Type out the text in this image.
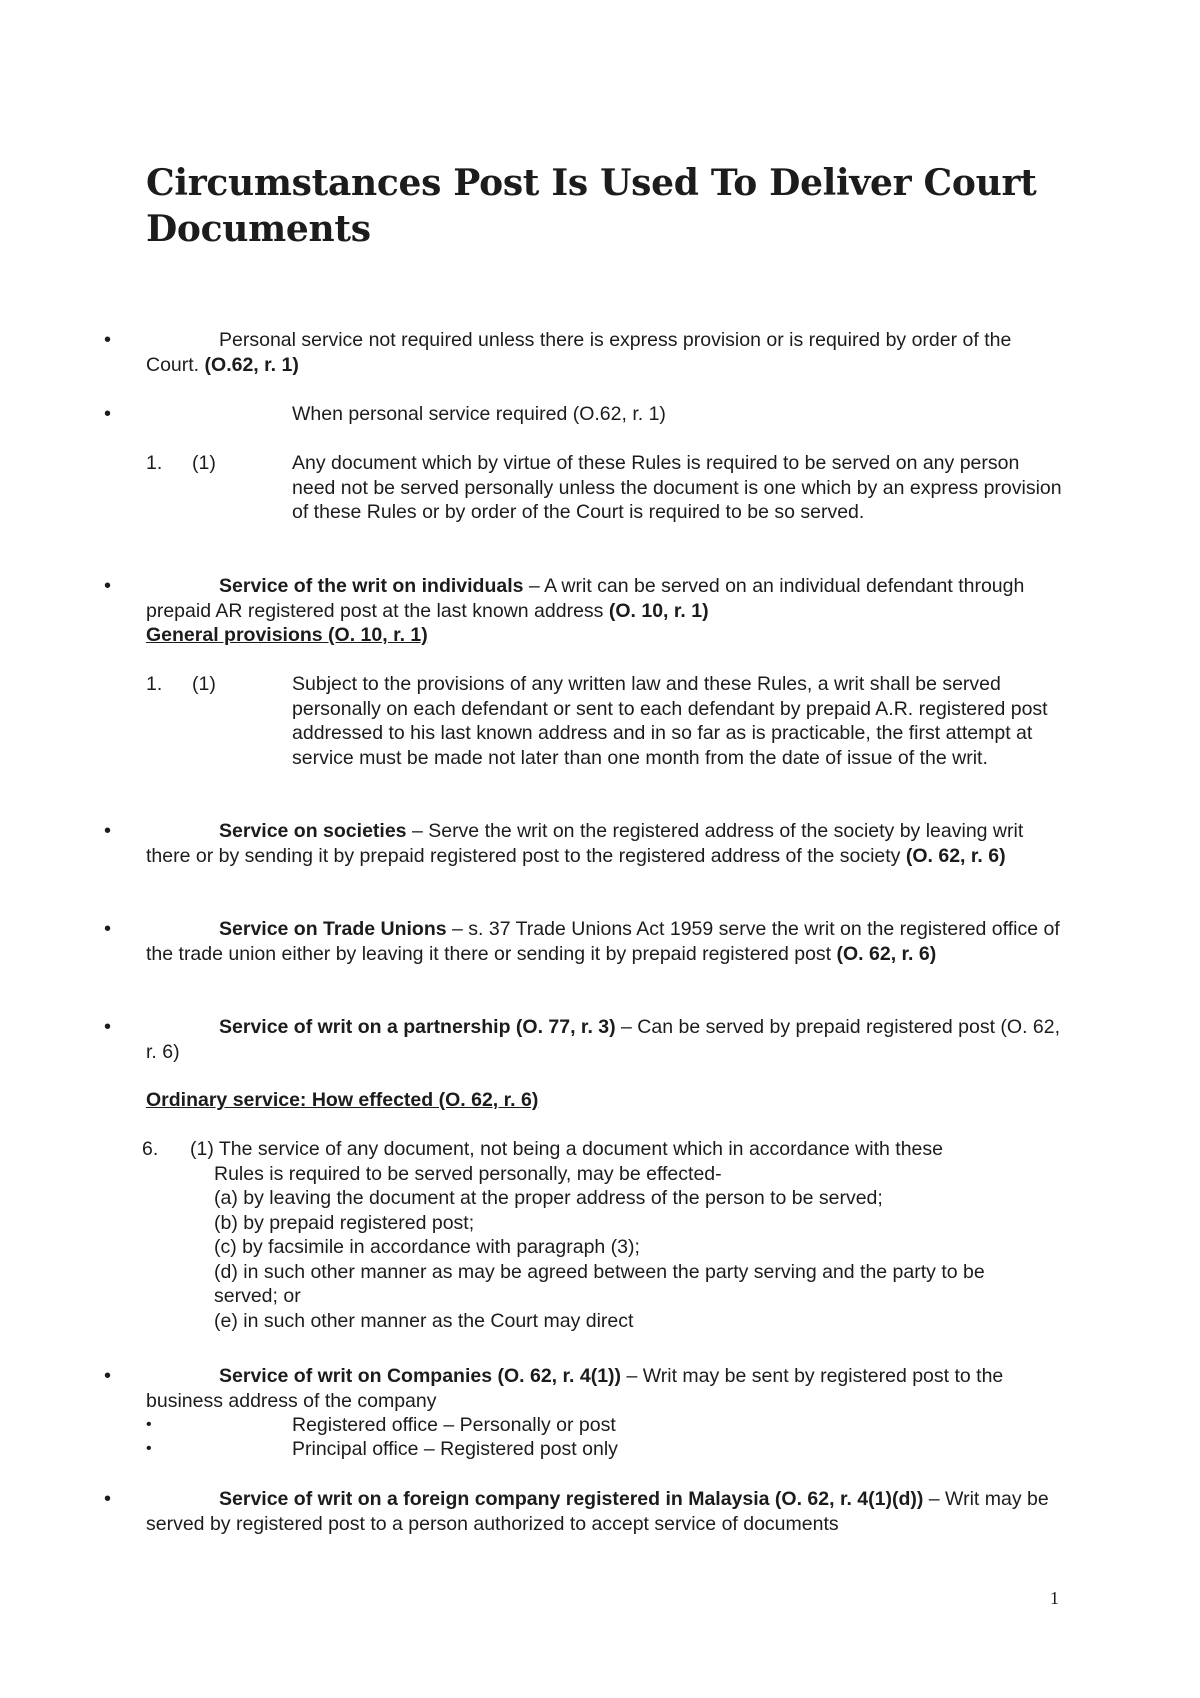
Circumstances Post Is Used To Deliver Court Documents
•	Personal service not required unless there is express provision or is required by order of the Court. (O.62, r. 1)
•	When personal service required (O.62, r. 1)
1. (1)	Any document which by virtue of these Rules is required to be served on any person need not be served personally unless the document is one which by an express provision of these Rules or by order of the Court is required to be so served.
•	Service of the writ on individuals – A writ can be served on an individual defendant through prepaid AR registered post at the last known address (O. 10, r. 1)
General provisions (O. 10, r. 1)
1. (1)	Subject to the provisions of any written law and these Rules, a writ shall be served personally on each defendant or sent to each defendant by prepaid A.R. registered post addressed to his last known address and in so far as is practicable, the first attempt at service must be made not later than one month from the date of issue of the writ.
•	Service on societies – Serve the writ on the registered address of the society by leaving writ there or by sending it by prepaid registered post to the registered address of the society (O. 62, r. 6)
•	Service on Trade Unions – s. 37 Trade Unions Act 1959 serve the writ on the registered office of the trade union either by leaving it there or sending it by prepaid registered post (O. 62, r. 6)
•	Service of writ on a partnership (O. 77, r. 3) – Can be served by prepaid registered post (O. 62, r. 6)
Ordinary service: How effected (O. 62, r. 6)
6. (1) The service of any document, not being a document which in accordance with these
Rules is required to be served personally, may be effected-
(a) by leaving the document at the proper address of the person to be served;
(b) by prepaid registered post;
(c) by facsimile in accordance with paragraph (3);
(d) in such other manner as may be agreed between the party serving and the party to be
served; or
(e) in such other manner as the Court may direct
•	Service of writ on Companies (O. 62, r. 4(1)) – Writ may be sent by registered post to the business address of the company
•	Registered office – Personally or post
•	Principal office – Registered post only
•	Service of writ on a foreign company registered in Malaysia (O. 62, r. 4(1)(d)) – Writ may be served by registered post to a person authorized to accept service of documents
1
